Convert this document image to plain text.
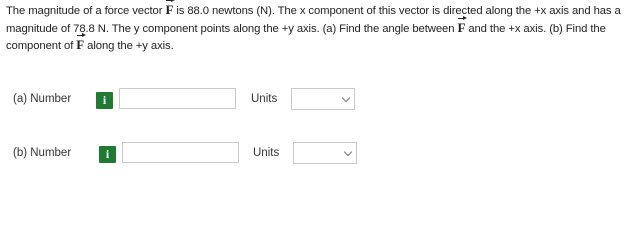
The magnitude of a force vector F is 88.0 newtons (N). The x component of this vector is directed along the +x axis and has a magnitude of 78.8 N. The y component points along the +y axis. (a) Find the angle between F and the +x axis. (b) Find the component of F along the +y axis.
(a) Number	i	Units
(b) Number	i	Units
